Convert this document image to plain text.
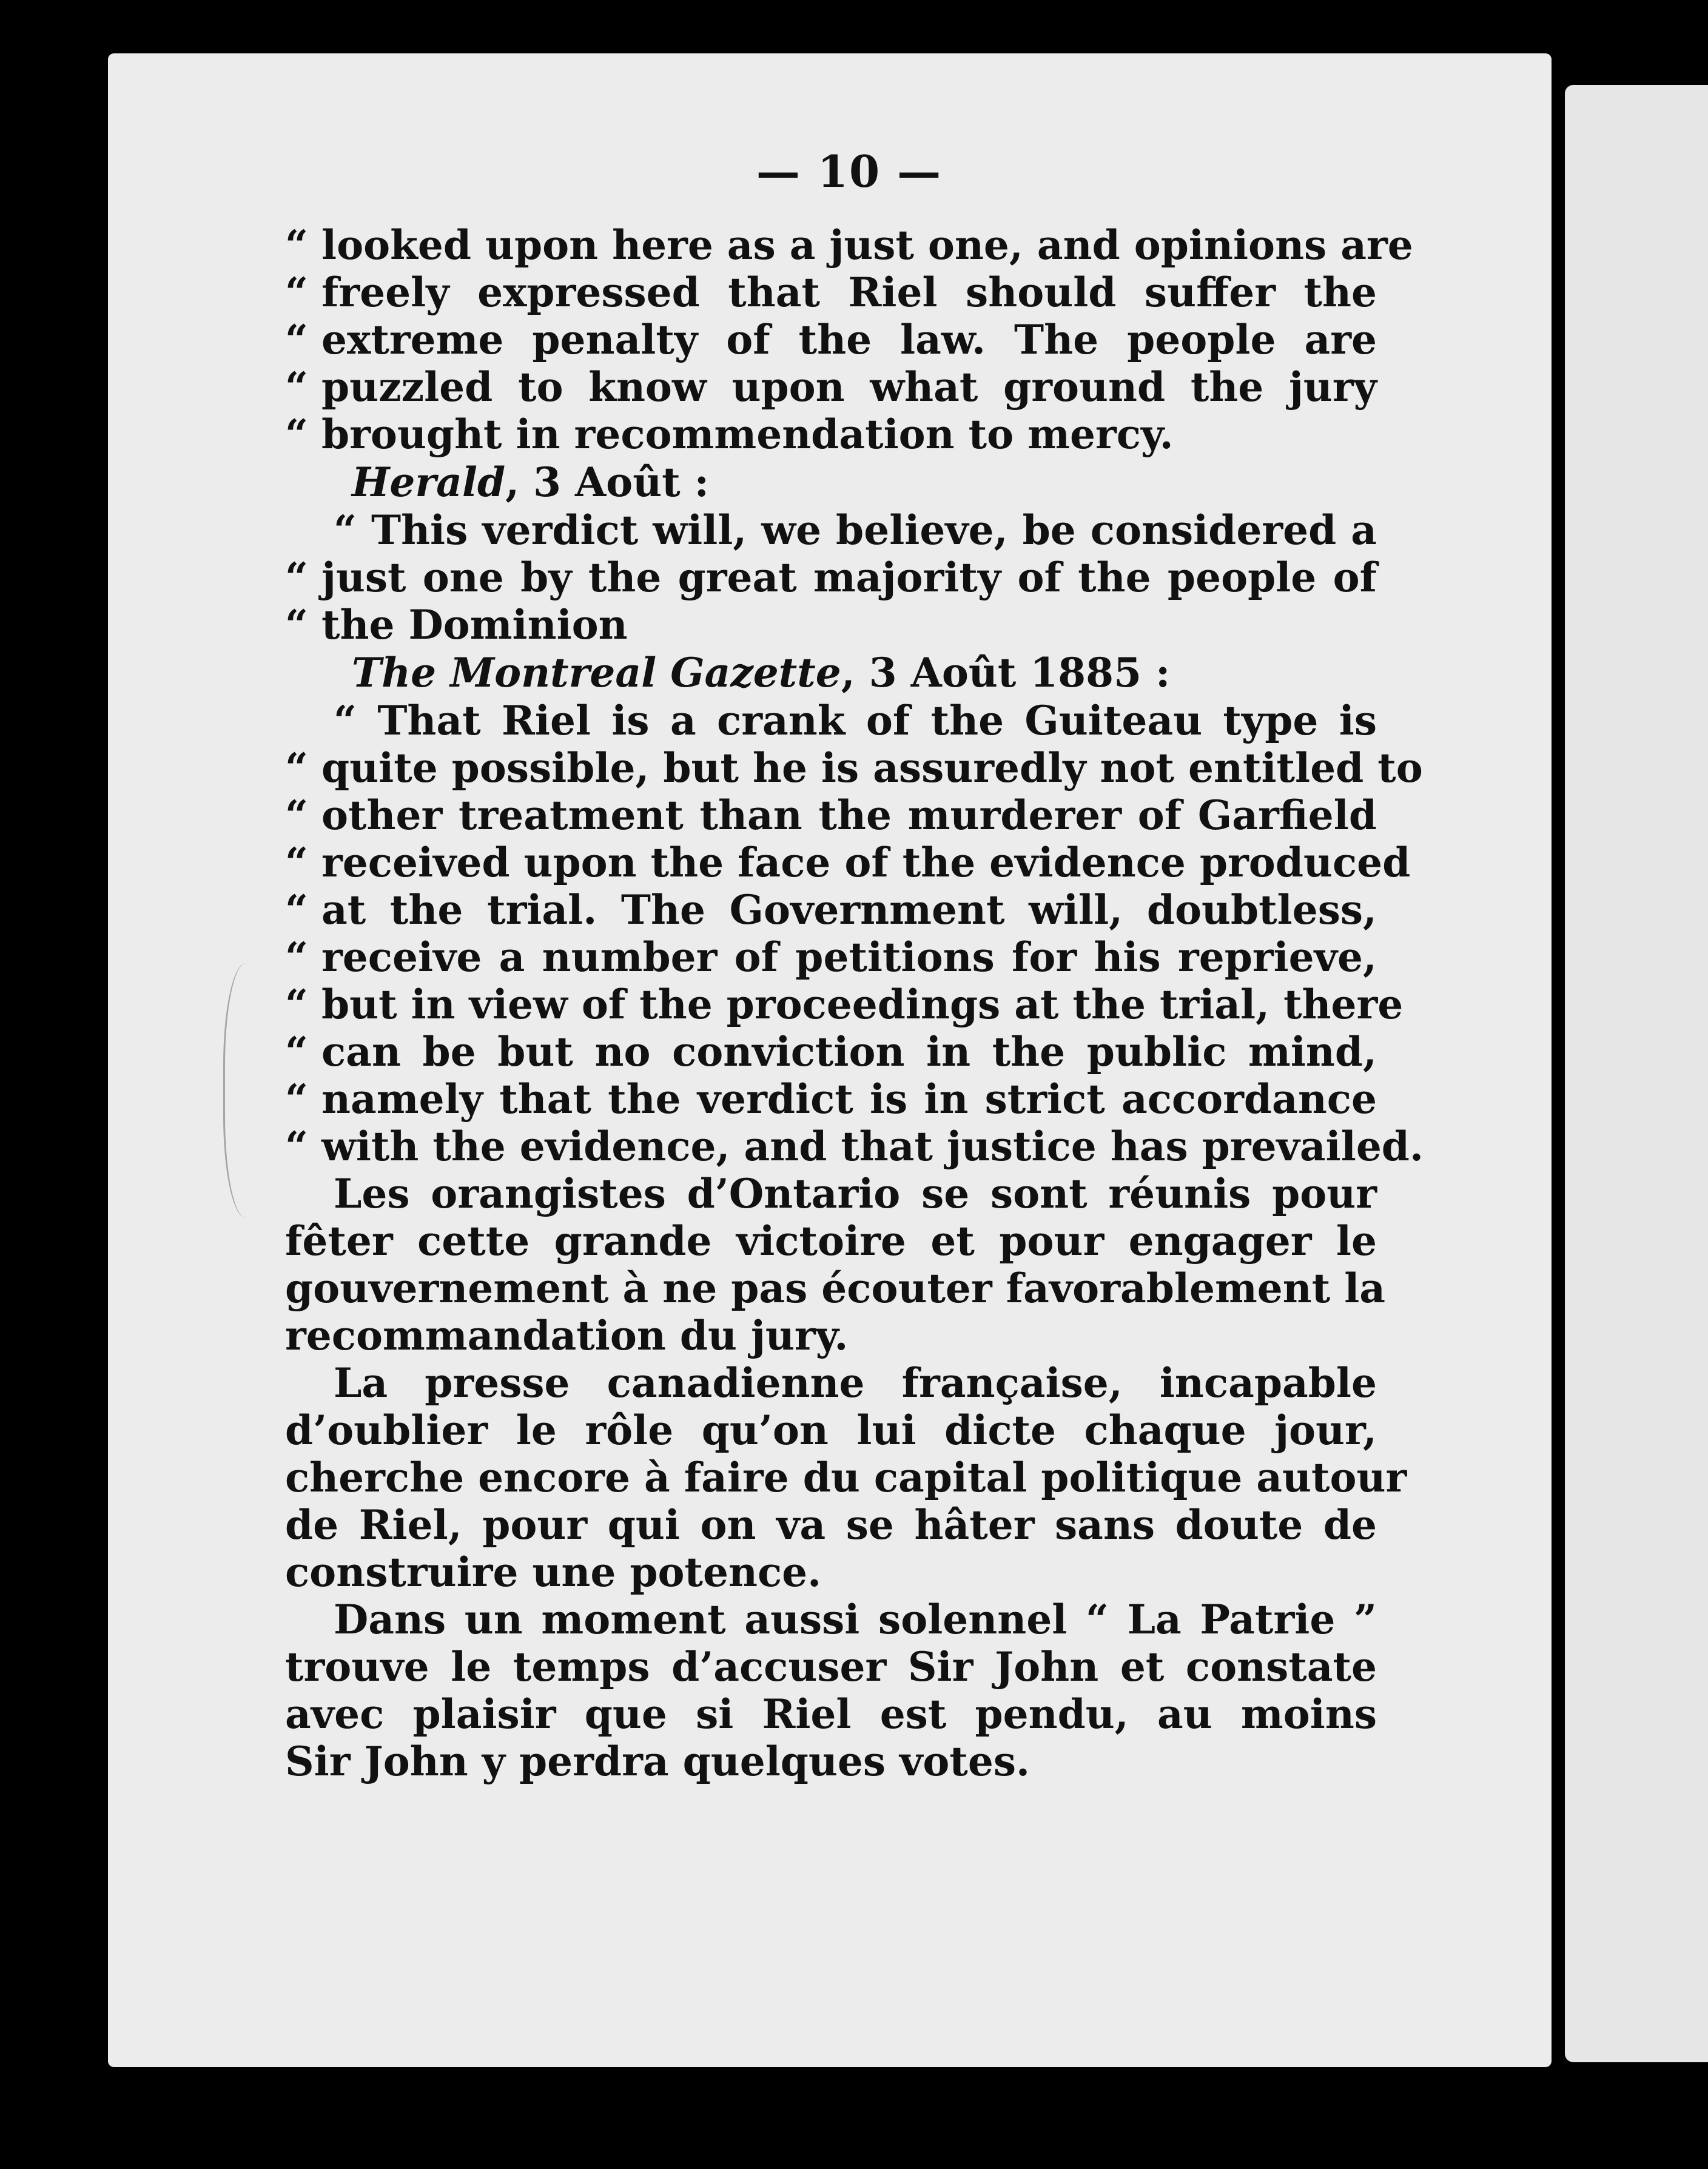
— 10 —
“ looked upon here as a just one, and opinions are
“ freely expressed that Riel should suffer the
“ extreme penalty of the law. The people are
“ puzzled to know upon what ground the jury
“ brought in recommendation to mercy.
Herald, 3 Août :
“ This verdict will, we believe, be considered a
“ just one by the great majority of the people of
“ the Dominion
The Montreal Gazette, 3 Août 1885 :
“ That Riel is a crank of the Guiteau type is
“ quite possible, but he is assuredly not entitled to
“ other treatment than the murderer of Garfield
“ received upon the face of the evidence produced
“ at the trial. The Government will, doubtless,
“ receive a number of petitions for his reprieve,
“ but in view of the proceedings at the trial, there
“ can be but no conviction in the public mind,
“ namely that the verdict is in strict accordance
“ with the evidence, and that justice has prevailed.
Les orangistes d’Ontario se sont réunis pour
fêter cette grande victoire et pour engager le
gouvernement à ne pas écouter favorablement la
recommandation du jury.
La presse canadienne française, incapable
d’oublier le rôle qu’on lui dicte chaque jour,
cherche encore à faire du capital politique autour
de Riel, pour qui on va se hâter sans doute de
construire une potence.
Dans un moment aussi solennel “ La Patrie ”
trouve le temps d’accuser Sir John et constate
avec plaisir que si Riel est pendu, au moins
Sir John y perdra quelques votes.
